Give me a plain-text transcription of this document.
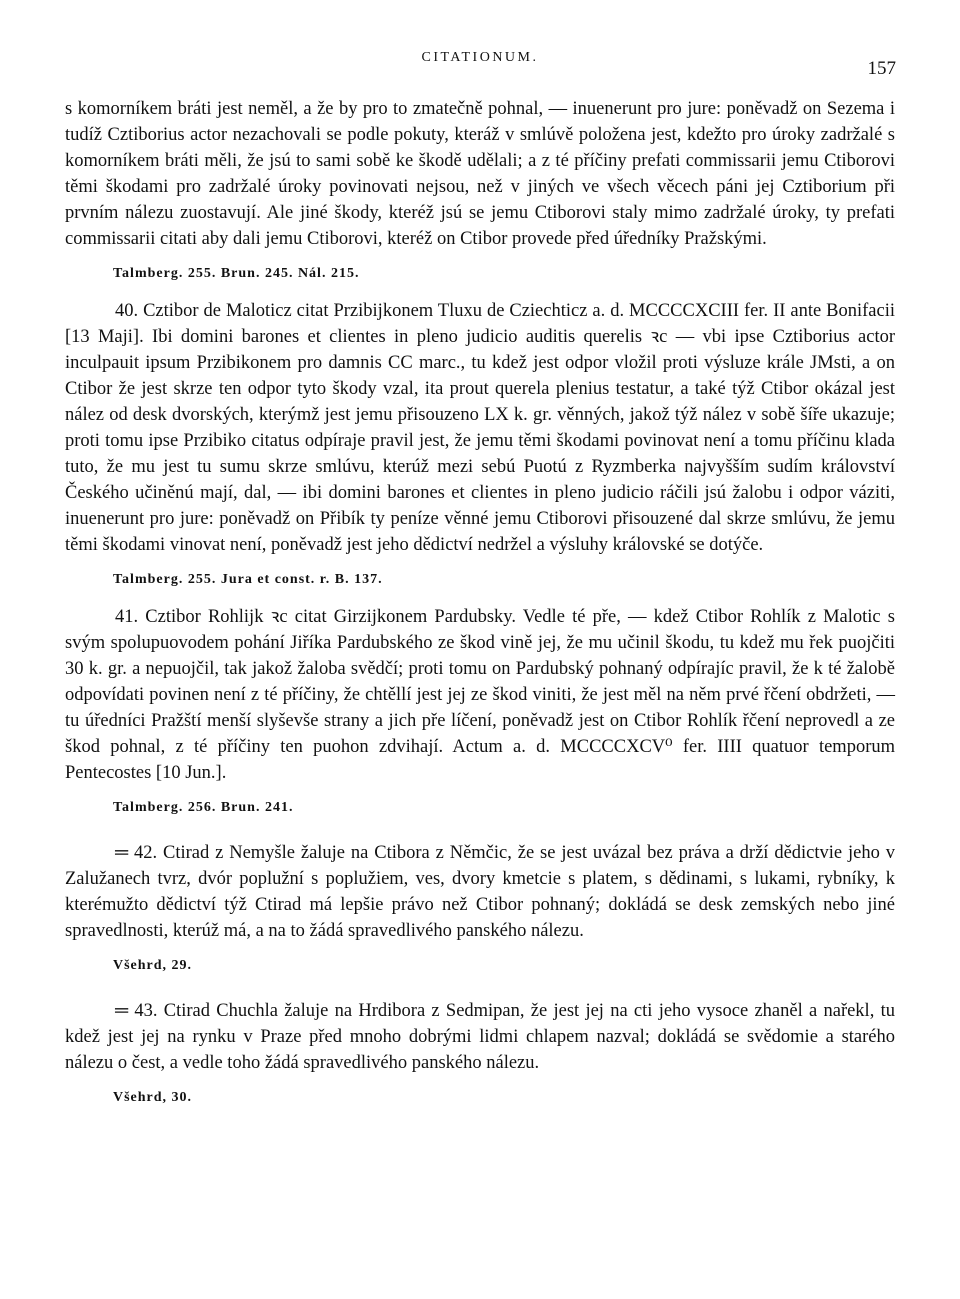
CITATIONUM.
157

s komorníkem bráti jest neměl, a že by pro to zmatečně pohnal, — inuenerunt pro jure: poněvadž on Sezema i tudíž Cztiborius actor nezachovali se podle pokuty, kteráž v smlúvě položena jest, kdežto pro úroky zadržalé s komorníkem bráti měli, že jsú to sami sobě ke škodě udělali; a z té příčiny prefati commissarii jemu Ctiborovi těmi škodami pro zadržalé úroky povinovati nejsou, než v jiných ve všech věcech páni jej Cztiborium při prvním nálezu zuostavují. Ale jiné škody, kteréž jsú se jemu Ctiborovi staly mimo zadržalé úroky, ty prefati commissarii citati aby dali jemu Ctiborovi, kteréž on Ctibor provede před úředníky Pražskými.

Talmberg. 255. Brun. 245. Nál. 215.

40. Cztibor de Maloticz citat Przibijkonem Tluxu de Cziechticz a. d. MCCCCXCIII fer. II ante Bonifacii [13 Maji]. Ibi domini barones et clientes in pleno judicio auditis querelis ꝛc — vbi ipse Cztiborius actor inculpauit ipsum Przibikonem pro damnis CC marc., tu kdež jest odpor vložil proti výsluze krále JMsti, a on Ctibor že jest skrze ten odpor tyto škody vzal, ita prout querela plenius testatur, a také týž Ctibor okázal jest nález od desk dvorských, kterýmž jest jemu přisouzeno LX k. gr. věnných, jakož týž nález v sobě šíře ukazuje; proti tomu ipse Przibiko citatus odpíraje pravil jest, že jemu těmi škodami povinovat není a tomu příčinu klada tuto, že mu jest tu sumu skrze smlúvu, kterúž mezi sebú Puotú z Ryzmberka najvyšším sudím království Českého učiněnú mají, dal, — ibi domini barones et clientes in pleno judicio ráčili jsú žalobu i odpor váziti, inuenerunt pro jure: poněvadž on Přibík ty peníze věnné jemu Ctiborovi přisouzené dal skrze smlúvu, že jemu těmi škodami vinovat není, poněvadž jest jeho dědictví nedržel a výsluhy královské se dotýče.

Talmberg. 255. Jura et const. r. B. 137.

41. Cztibor Rohlijk ꝛc citat Girzijkonem Pardubsky. Vedle té pře, — kdež Ctibor Rohlík z Malotic s svým spolupuovodem pohání Jiříka Pardubského ze škod vině jej, že mu učinil škodu, tu kdež mu řek puojčiti 30 k. gr. a nepuojčil, tak jakož žaloba svědčí; proti tomu on Pardubský pohnaný odpírajíc pravil, že k té žalobě odpovídati povinen není z té příčiny, že chtěllí jest jej ze škod viniti, že jest měl na něm prvé řčení obdržeti, — tu úředníci Pražští menší slyševše strany a jich pře líčení, poněvadž jest on Ctibor Rohlík řčení neprovedl a ze škod pohnal, z té příčiny ten puohon zdvihají. Actum a. d. MCCCCXCV⁰ fer. IIII quatuor temporum Pentecostes [10 Jun.].

Talmberg. 256. Brun. 241.

═ 42. Ctirad z Nemyšle žaluje na Ctibora z Němčic, že se jest uvázal bez práva a drží dědictvie jeho v Zalužanech tvrz, dvór poplužní s poplužiem, ves, dvory kmetcie s platem, s dědinami, s lukami, rybníky, k kterémužto dědictví týž Ctirad má lepšie právo než Ctibor pohnaný; dokládá se desk zemských nebo jiné spravedlnosti, kterúž má, a na to žádá spravedlivého panského nálezu.

Všehrd, 29.

═ 43. Ctirad Chuchla žaluje na Hrdibora z Sedmipan, že jest jej na cti jeho vysoce zhaněl a nařekl, tu kdež jest jej na rynku v Praze před mnoho dobrými lidmi chlapem nazval; dokládá se svědomie a starého nálezu o čest, a vedle toho žádá spravedlivého panského nálezu.

Všehrd, 30.
